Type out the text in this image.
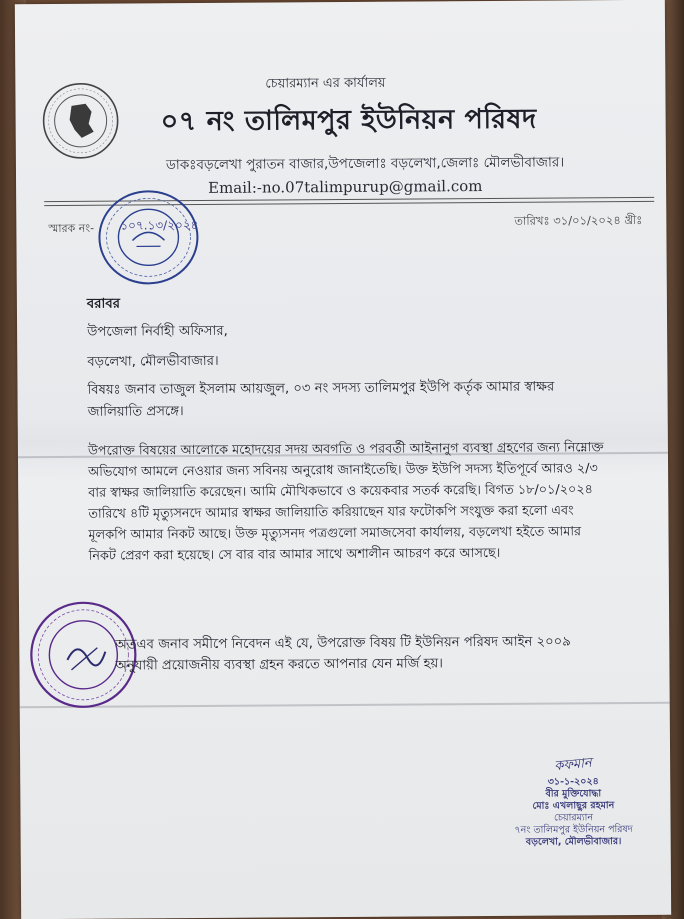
চেয়ারম্যান এর কার্যালয়
০৭ নং তালিমপুর ইউনিয়ন পরিষদ
ডাকঃবড়লেখা পুরাতন বাজার,উপজেলাঃ বড়লেখা,জেলাঃ মৌলভীবাজার।
Email:-no.07talimpurup@gmail.com
স্মারক নং- ১০৭.১৩/২০২৪	তারিখঃ ৩১/০১/২০২৪ খ্রীঃ
বরাবর
উপজেলা নির্বাহী অফিসার,
বড়লেখা, মৌলভীবাজার।
বিষয়ঃ জনাব তাজুল ইসলাম আয়জুল, ০৩ নং সদস্য তালিমপুর ইউপি কর্তৃক আমার স্বাক্ষর জালিয়াতি প্রসঙ্গে।
উপরোক্ত বিষয়ের আলোকে মহোদয়ের সদয় অবগতি ও পরবর্তী আইনানুগ ব্যবস্থা গ্রহণের জন্য নিম্নোক্ত অভিযোগ আমলে নেওয়ার জন্য সবিনয় অনুরোধ জানাইতেছি। উক্ত ইউপি সদস্য ইতিপূর্বে আরও ২/৩ বার স্বাক্ষর জালিয়াতি করেছেন। আমি মৌখিকভাবে ও কয়েকবার সতর্ক করেছি। বিগত ১৮/০১/২০২৪ তারিখে ৪টি মৃত্যুসনদে আমার স্বাক্ষর জালিয়াতি করিয়াছেন যার ফটোকপি সংযুক্ত করা হলো এবং মূলকপি আমার নিকট আছে। উক্ত মৃত্যুসনদ পত্রগুলো সমাজসেবা কার্যালয়, বড়লেখা হইতে আমার নিকট প্রেরণ করা হয়েছে। সে বার বার আমার সাথে অশালীন আচরণ করে আসছে।
অতএব জনাব সমীপে নিবেদন এই যে, উপরোক্ত বিষয় টি ইউনিয়ন পরিষদ আইন ২০০৯ অনুযায়ী প্রয়োজনীয় ব্যবস্থা গ্রহন করতে আপনার যেন মর্জি হয়।
কফমান
৩১-১-২০২৪
বীর মুক্তিযোদ্ধা
মোঃ এখলাছুর রহমান
চেয়ারম্যান
৭নং তালিমপুর ইউনিয়ন পরিষদ
বড়লেখা, মৌলভীবাজার।
